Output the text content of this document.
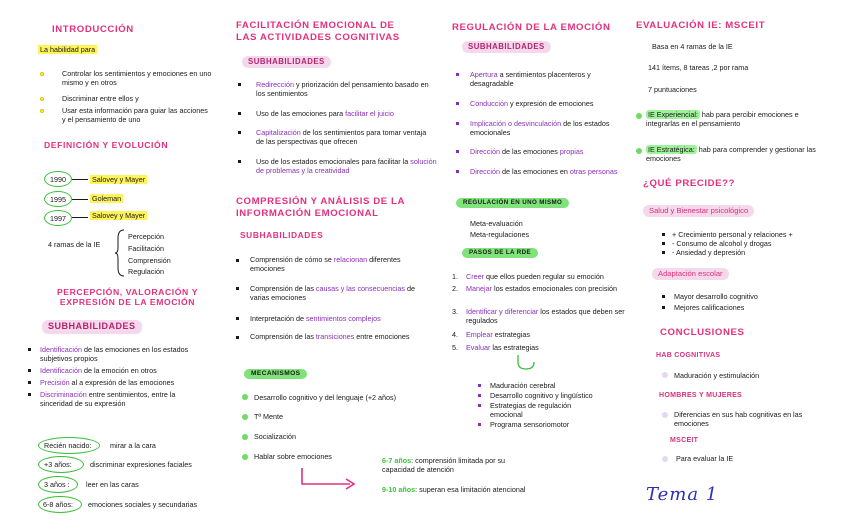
INTRODUCCIÓN
La habilidad para
Controlar los sentimientos y emociones en uno mismo y en otros
Discriminar entre ellos y
Usar esta información para guiar las acciones y el pensamiento de uno
DEFINICIÓN Y EVOLUCIÓN
1990	Salovey y Mayer
1995	Goleman
1997	Salovey y Mayer
4 ramas de la IE
Percepción
Facilitación
Comprensión
Regulación
PERCEPCIÓN, VALORACIÓN Y EXPRESIÓN DE LA EMOCIÓN
SUBHABILIDADES
Identificación de las emociones en los estados subjetivos propios
Identificación de la emoción en otros
Precisión al a expresión de las emociones
Discriminación entre sentimientos, entre la sinceridad de su expresión
Recién nacido:	mirar a la cara
+3 años:	discriminar expresiones faciales
3 años : leer en las caras
6-8 años: emociones sociales y secundarias
FACILITACIÓN EMOCIONAL DE LAS ACTIVIDADES COGNITIVAS
SUBHABILIDADES
Redirección y priorización del pensamiento basado en los sentimientos
Uso de las emociones para facilitar el juicio
Capitalización de los sentimientos para tomar ventaja de las perspectivas que ofrecen
Uso de los estados emocionales para facilitar la solución de problemas y la creatividad
COMPRESIÓN Y ANÁLISIS DE LA INFORMACIÓN EMOCIONAL
SUBHABILIDADES
Comprensión de cómo se relacionan diferentes emociones
Comprensión de las causas y las consecuencias de varias emociones
Interpretación de sentimientos complejos
Comprensión de las transiciones entre emociones
MECANISMOS
Desarrollo cognitivo y del lenguaje (+2 años)
Tª Mente
Socialización
Hablar sobre emociones
REGULACIÓN DE LA EMOCIÓN
SUBHABILIDADES
Apertura a sentimientos placenteros y desagradable
Conducción y expresión de emociones
Implicación o desvinculación de los estados emocionales
Dirección de las emociones propias
Dirección de las emociones en otras personas
REGULACIÓN EN UNO MISMO
Meta-evaluación
Meta-regulaciones
PASOS DE LA RDE
1.	Creer que ellos pueden regular su emoción
2.	Manejar los estados emocionales con precisión
3.	Identificar y diferenciar los estados que deben ser regulados
4.	Emplear estrategias
5.	Evaluar las estrategias
Maduración cerebral
Desarrollo cognitivo y lingüístico
Estrategias de regulación emocional
Programa sensoriomotor
6-7 años: comprensión limitada por su capacidad de atención
9-10 años: superan esa limitación atencional
EVALUACIÓN IE: MSCEIT
Basa en 4 ramas de la IE
141 ítems, 8 tareas ,2 por rama
7 puntuaciones
IE Experiencial: hab para percibir emociones e integrarlas en el pensamiento
IE Estratégica: hab para comprender y gestionar las emociones
¿QUÉ PRECIDE??
Salud y Bienestar psicológico
+ Crecimiento personal y relaciones +
- Consumo de alcohol y drogas
- Ansiedad y depresión
Adaptación escolar
Mayor desarrollo cognitivo
Mejores calificaciones
CONCLUSIONES
HAB COGNITIVAS
Maduración y estimulación
HOMBRES Y MUJERES
Diferencias en sus hab cognitivas en las emociones
MSCEIT
Para evaluar la IE
Tema 1
